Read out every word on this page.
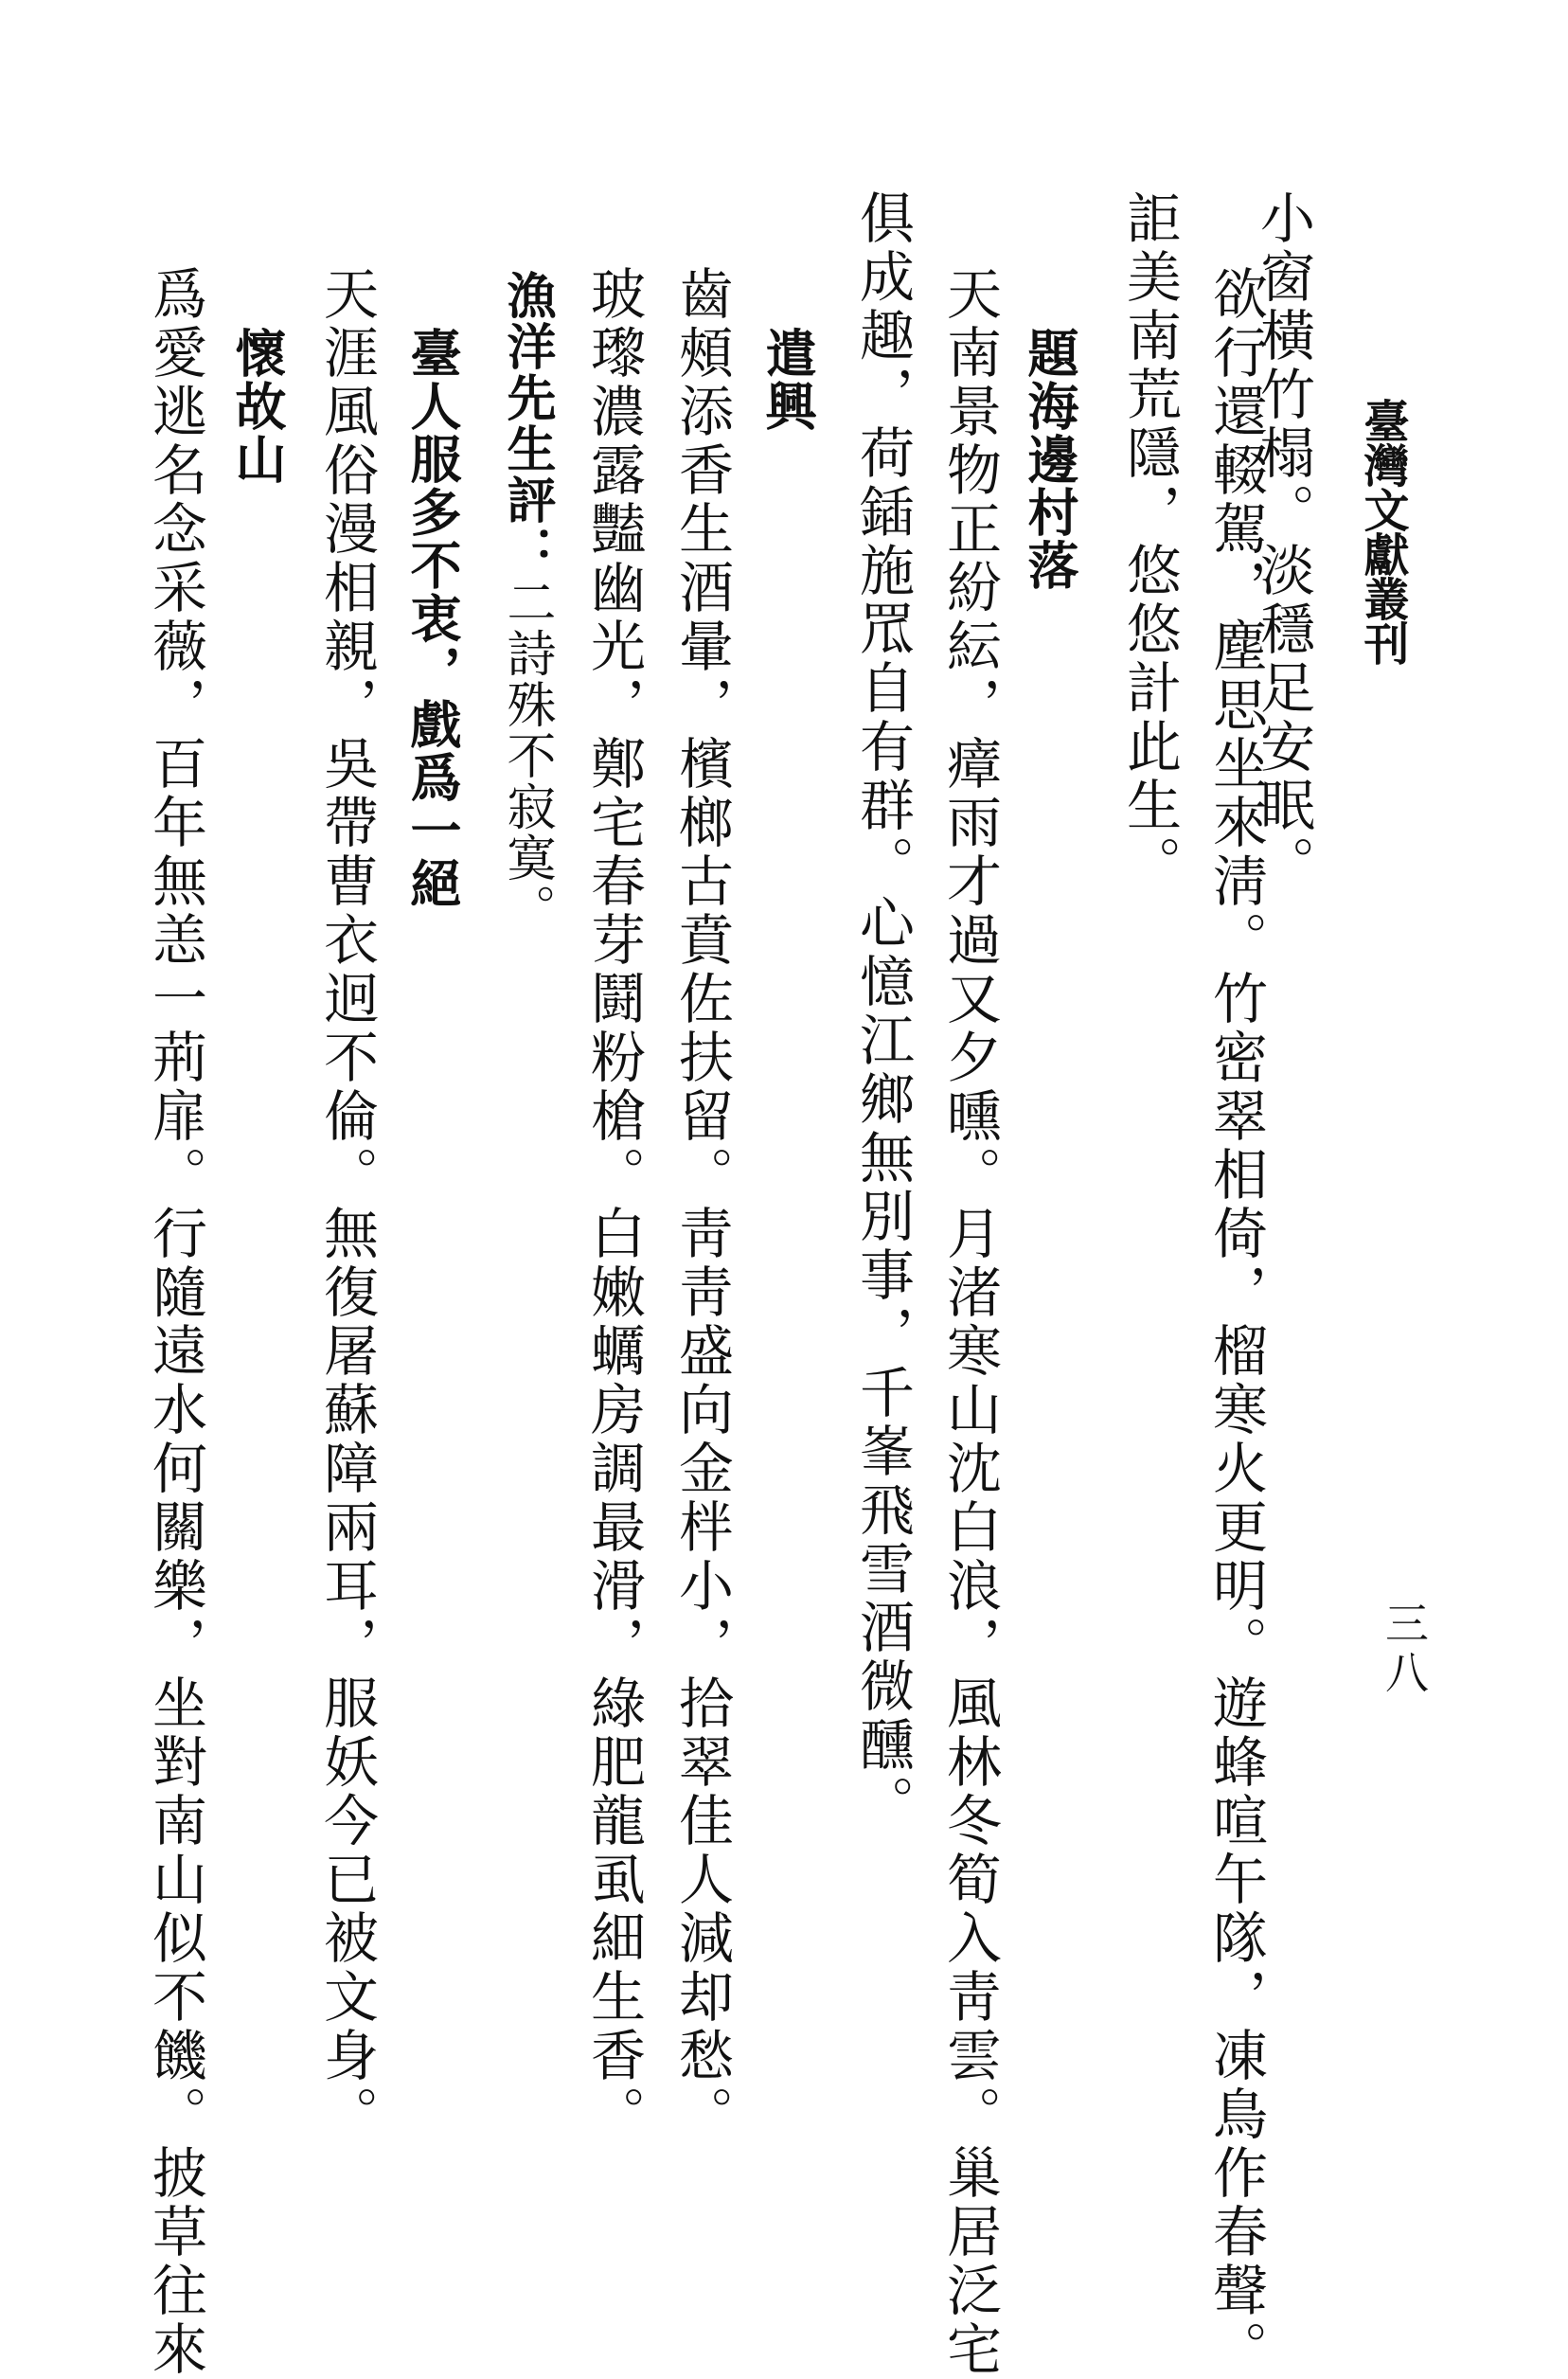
臺灣文獻叢刊
三八
小窗橫竹榻。淡穩足安眠。
欲行還輟駕，塵思坐來淸。竹密翠相倚，榴寒火更明。遊蜂喧午隊，凍鳥作春聲。
詎美南荒隱，悠悠計此生。
題海邊村落
天南景物正紛紜，瘴雨才過又夕曛。月渚寒山沈白浪，風林冬筍入靑雲。巢居泛宅
俱成趣，荷鍤施罛自有群。心憶江鄉無別事，千峯飛雪酒微醺。
遣興
齒頰添香生酒暈，檳榔古賁佐扶留。靑靑盛向金柈小，拾翠佳人減却愁。
玻瓈濃露豔幽光，鄭宅春芽鬪粉槍。白嫩蠣房調最滑，綠肥龍虱細生香。
漁洋先生評：二詩殊不寂寞。
臺人服多不衷，戲爲一絕
天涯風俗漫相親，吳帶曹衣迥不倫。無復屠蘇障兩耳，服妖今已被文身。
懷故山
爲愛逃名念采薇，百年無恙一荊扉。行隨遠水何關樂，坐對南山似不饑。披草往來
